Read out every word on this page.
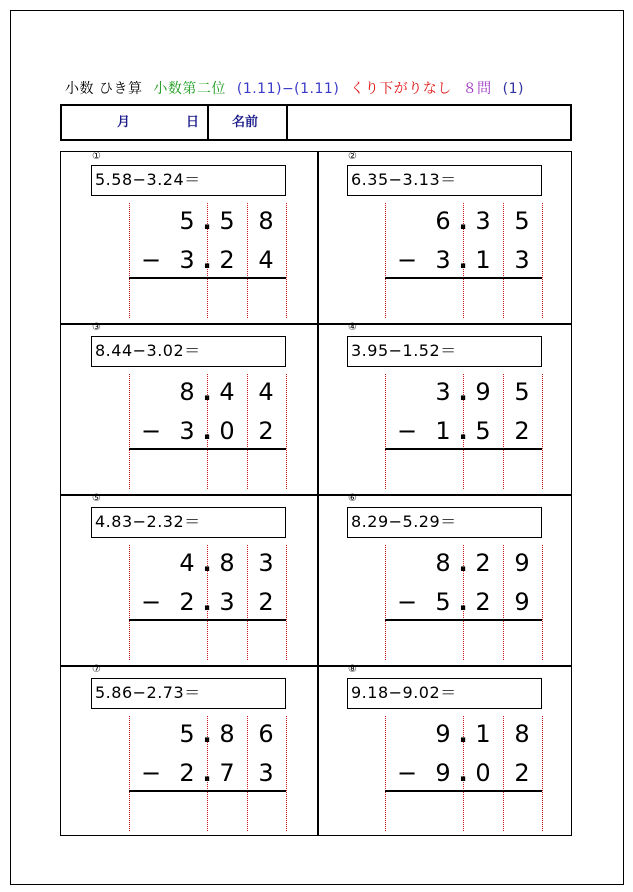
小数 ひき算 小数第二位 (1.11)−(1.11) くり下がりなし ８問 (1)
月	日	名前
①
5.58−3.24＝
5	5 8
.
− 3	2 4
.
②
6.35−3.13＝
6	3 5
.
− 3	1 3
.
③
8.44−3.02＝
8	4 4
.
− 3	0 2
.
④
3.95−1.52＝
3	9 5
.
− 1	5 2
.
⑤
4.83−2.32＝
4	8 3
.
− 2	3 2
.
⑥
8.29−5.29＝
8	2 9
.
− 5	2 9
.
⑦
5.86−2.73＝
5	8 6
.
− 2	7 3
.
⑧
9.18−9.02＝
9	1 8
.
− 9	0 2
.
